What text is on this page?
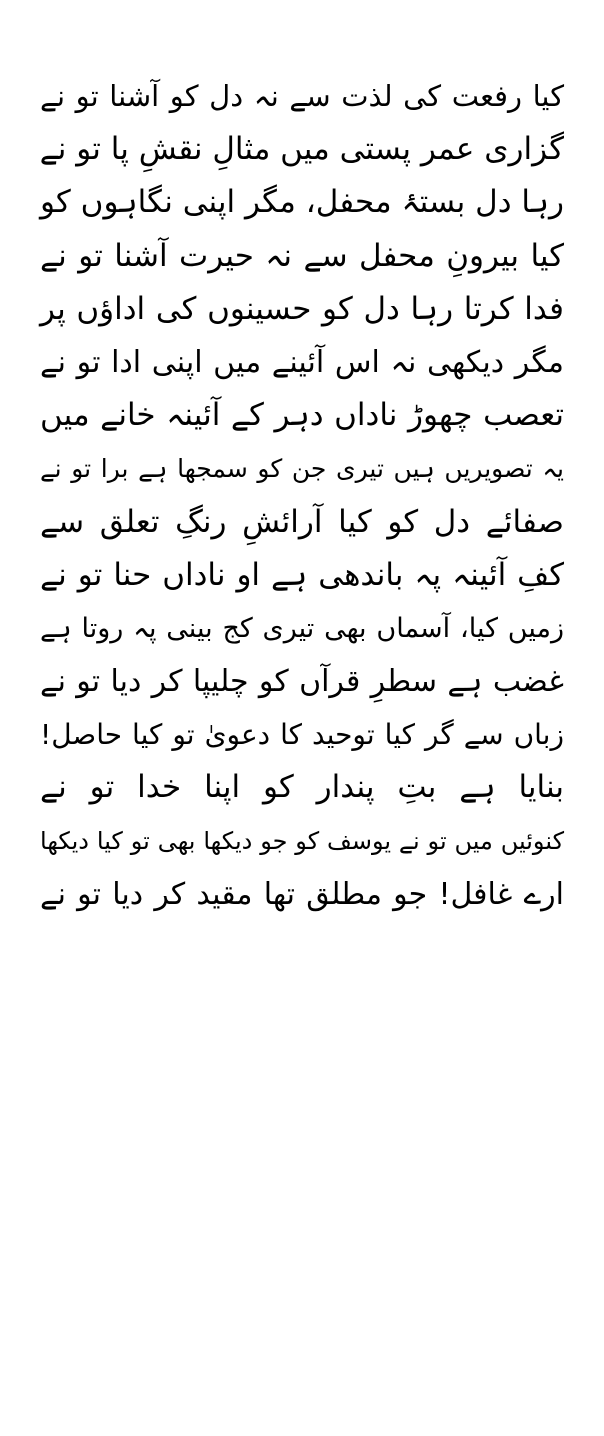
کیا رفعت کی لذت سے نہ دل کو آشنا تو نے
گزاری عمر پستی میں مثالِ نقشِ پا تو نے
رہا دل بستۂ محفل، مگر اپنی نگاہوں کو
کیا بیرونِ محفل سے نہ حیرت آشنا تو نے
فدا کرتا رہا دل کو حسینوں کی اداؤں پر
مگر دیکھی نہ اس آئینے میں اپنی ادا تو نے
تعصب چھوڑ ناداں دہر کے آئینہ خانے میں
یہ تصویریں ہیں تیری جن کو سمجھا ہے برا تو نے
صفائے دل کو کیا آرائشِ رنگِ تعلق سے
کفِ آئینہ پہ باندھی ہے او ناداں حنا تو نے
زمیں کیا، آسماں بھی تیری کج بینی پہ روتا ہے
غضب ہے سطرِ قرآں کو چلیپا کر دیا تو نے
زباں سے گر کیا توحید کا دعویٰ تو کیا حاصل!
بنایا ہے بتِ پندار کو اپنا خدا تو نے
کنوئیں میں تو نے یوسف کو جو دیکھا بھی تو کیا دیکھا
ارے غافل! جو مطلق تھا مقید کر دیا تو نے
